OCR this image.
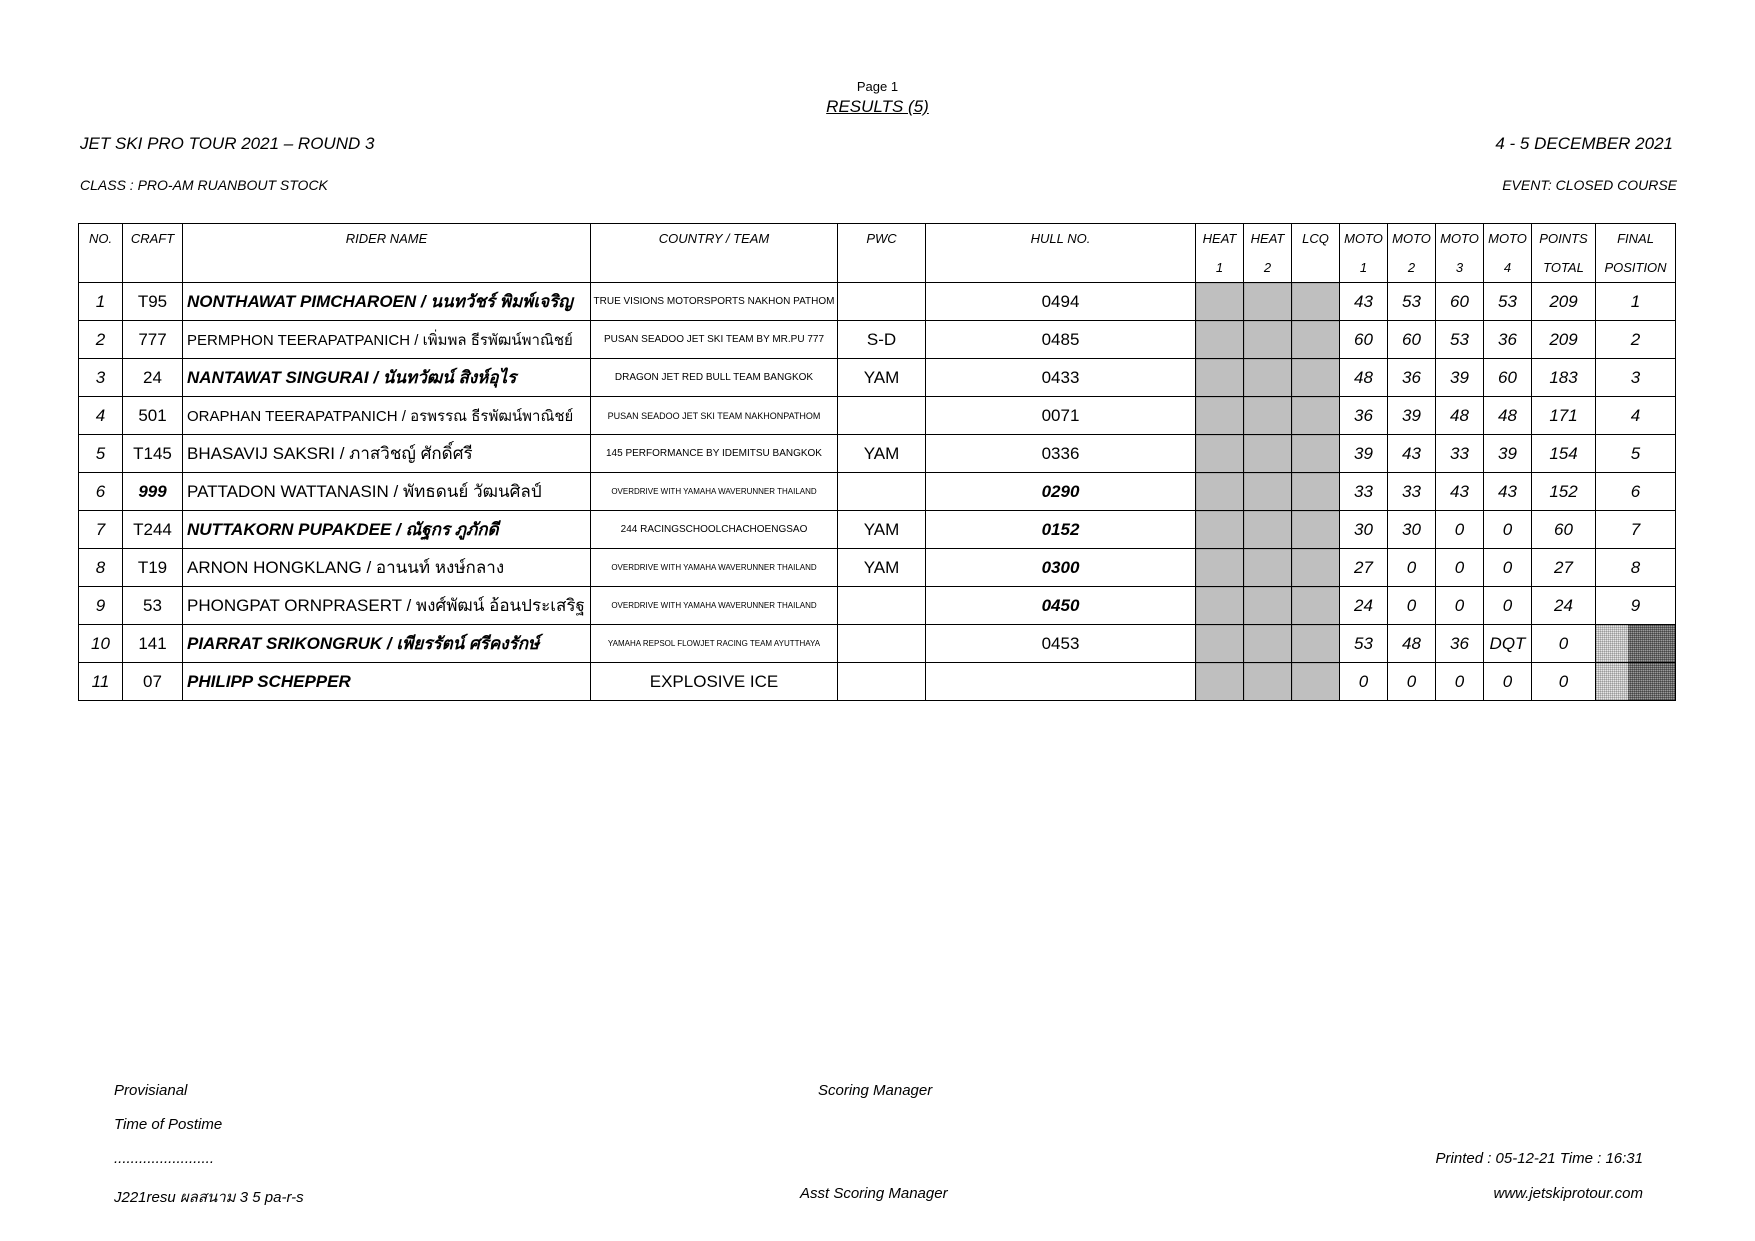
Page 1
RESULTS (5)
JET SKI PRO TOUR 2021 – ROUND 3	4 - 5 DECEMBER 2021
CLASS : PRO-AM RUANBOUT STOCK	EVENT: CLOSED COURSE
NO.	CRAFT	RIDER NAME	COUNTRY / TEAM	PWC	HULL NO.	HEAT	HEAT	LCQ	MOTO	MOTO	MOTO	MOTO	POINTS	FINAL
						1	2		1	2	3	4	TOTAL	POSITION
1	T95	NONTHAWAT PIMCHAROEN / นนทวัชร์ พิมพ์เจริญ	TRUE VISIONS MOTORSPORTS NAKHON PATHOM		0494				43	53	60	53	209	1
2	777	PERMPHON TEERAPATPANICH / เพิ่มพล ธีรพัฒน์พาณิชย์	PUSAN SEADOO JET SKI TEAM BY MR.PU 777	S-D	0485				60	60	53	36	209	2
3	24	NANTAWAT SINGURAI / นันทวัฒน์ สิงห์อุไร	DRAGON JET RED BULL TEAM BANGKOK	YAM	0433				48	36	39	60	183	3
4	501	ORAPHAN TEERAPATPANICH / อรพรรณ ธีรพัฒน์พาณิชย์	PUSAN SEADOO JET SKI TEAM NAKHONPATHOM		0071				36	39	48	48	171	4
5	T145	BHASAVIJ SAKSRI / ภาสวิชญ์ ศักดิ์ศรี	145 PERFORMANCE BY IDEMITSU BANGKOK	YAM	0336				39	43	33	39	154	5
6	999	PATTADON WATTANASIN / พัทธดนย์ วัฒนศิลป์	OVERDRIVE WITH YAMAHA WAVERUNNER THAILAND		0290				33	33	43	43	152	6
7	T244	NUTTAKORN PUPAKDEE / ณัฐกร ภูภักดี	244 RACINGSCHOOLCHACHOENGSAO	YAM	0152				30	30	0	0	60	7
8	T19	ARNON HONGKLANG / อานนท์ หงษ์กลาง	OVERDRIVE WITH YAMAHA WAVERUNNER THAILAND	YAM	0300				27	0	0	0	27	8
9	53	PHONGPAT ORNPRASERT / พงศ์พัฒน์ อ้อนประเสริฐ	OVERDRIVE WITH YAMAHA WAVERUNNER THAILAND		0450				24	0	0	0	24	9
10	141	PIARRAT SRIKONGRUK / เพียรรัตน์ ศรีคงรักษ์	YAMAHA REPSOL FLOWJET RACING TEAM AYUTTHAYA		0453				53	48	36	DQT	0	
11	07	PHILIPP SCHEPPER	EXPLOSIVE ICE						0	0	0	0	0	
Provisianal
Time of Postime
........................
J221resu ผลสนาม 3 5 pa-r-s
Scoring Manager
Asst Scoring Manager
Printed : 05-12-21 Time : 16:31
www.jetskiprotour.com
